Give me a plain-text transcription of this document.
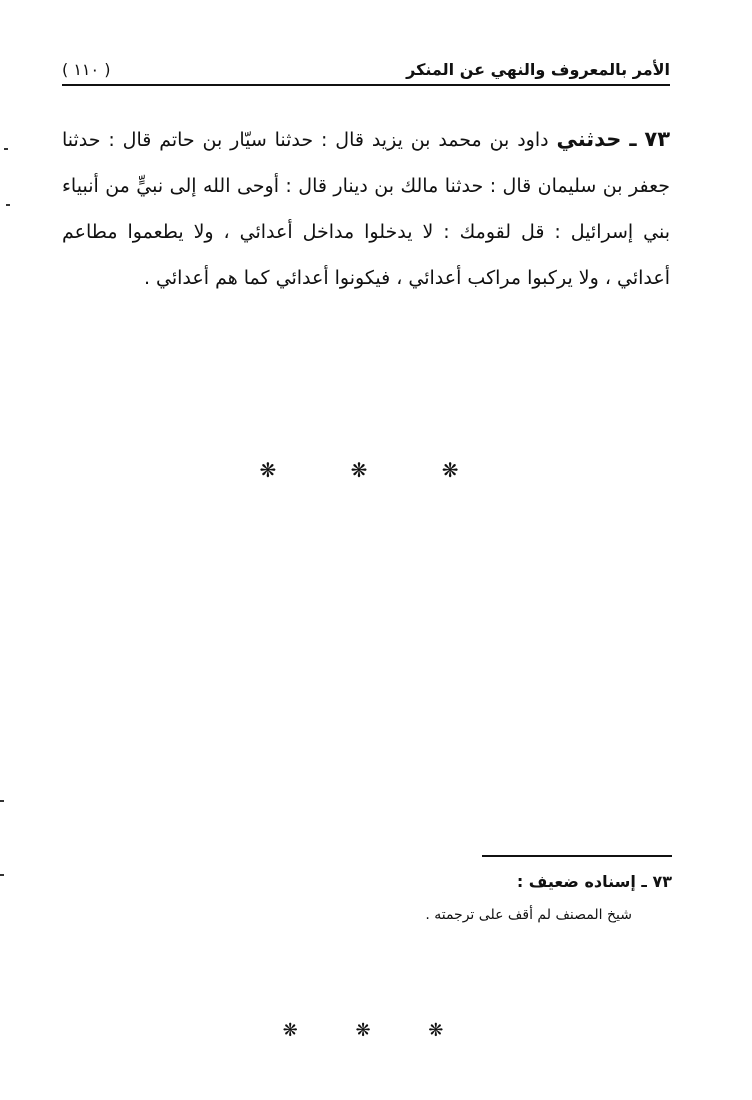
الأمر بالمعروف والنهي عن المنكر
( ١١٠ )

٧٣ ـ حدثني داود بن محمد بن يزيد قال : حدثنا سيّار بن حاتم قال : حدثنا جعفر بن سليمان قال : حدثنا مالك بن دينار قال : أوحى الله إلى نبيٍّ من أنبياء بني إسرائيل : قل لقومك : لا يدخلوا مداخل أعدائي ، ولا يطعموا مطاعم أعدائي ، ولا يركبوا مراكب أعدائي ، فيكونوا أعدائي كما هم أعدائي .

❋ ❋ ❋
٧٣ ـ إسناده ضعيف :
شيخ المصنف لم أقف على ترجمته .
❋ ❋ ❋
